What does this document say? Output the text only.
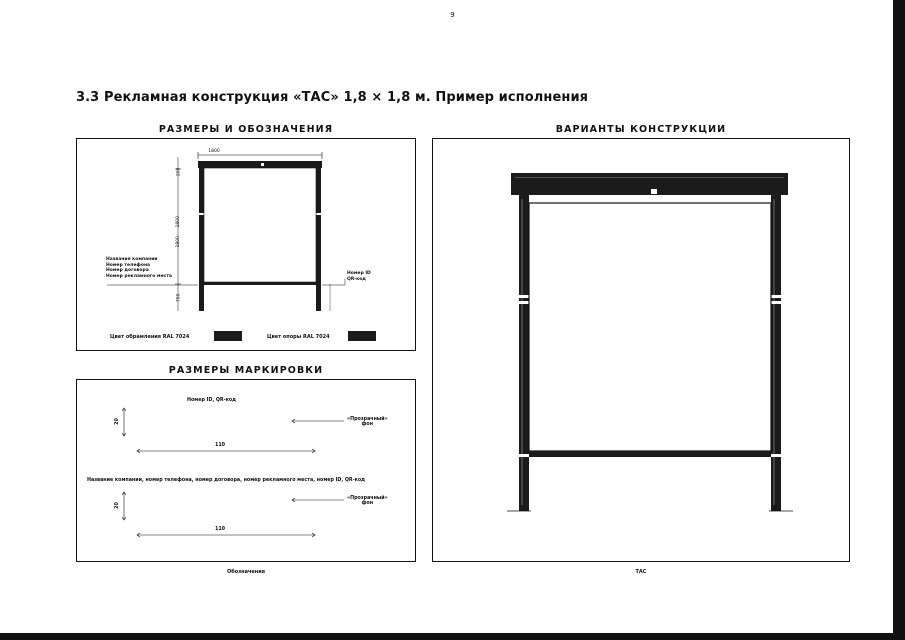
9
3.3 Рекламная конструкция «ТАС» 1,8 × 1,8 м. Пример исполнения
РАЗМЕРЫ И ОБОЗНАЧЕНИЯ
1800
200
1800
1800
700
Название компании
Номер телефона
Номер договора
Номер рекламного места
Номер ID
QR-код
Цвет обрамления RAL 7024	Цвет опоры RAL 7024
РАЗМЕРЫ МАРКИРОВКИ
Номер ID, QR-код
20
110
«Прозрачный»
фон
Название компании, номер телефона, номер договора, номер рекламного места, номер ID, QR-код
20
110
«Прозрачный»
фон
Обозначения
ВАРИАНТЫ КОНСТРУКЦИИ
ТАС
